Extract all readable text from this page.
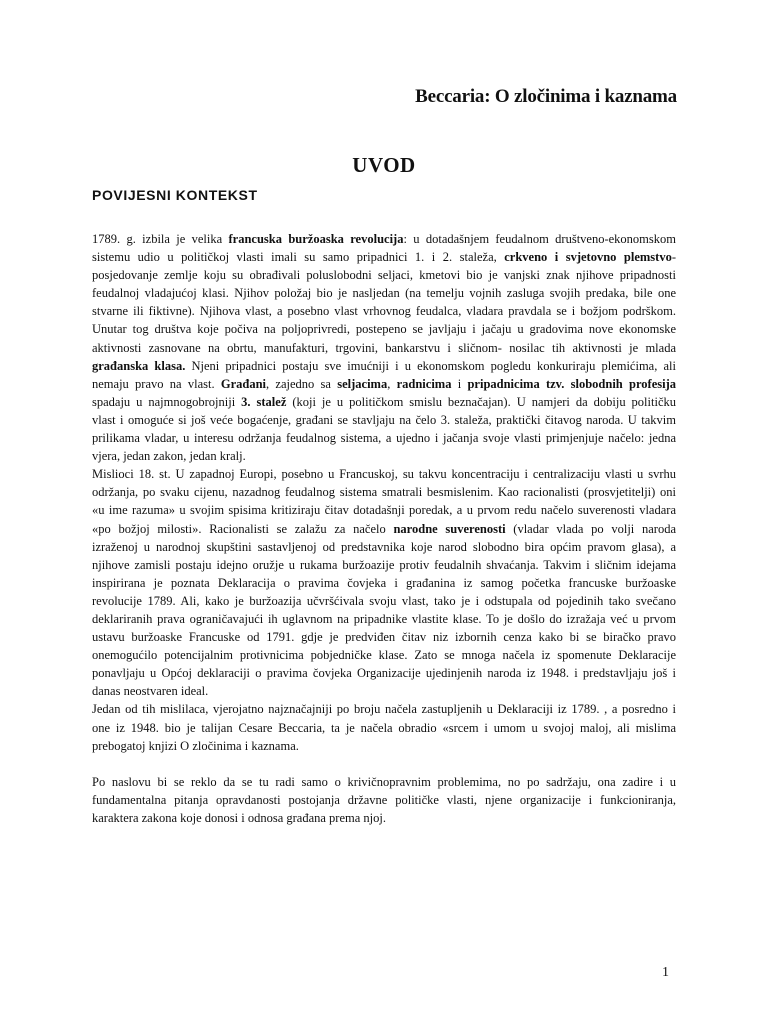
Beccaria: O zločinima i kaznama
UVOD
POVIJESNI KONTEKST
1789. g. izbila je velika francuska buržoaska revolucija: u dotadašnjem feudalnom društveno-ekonomskom
sistemu udio u političkoj vlasti imali su samo pripadnici 1. i 2. staleža, crkveno i svjetovno plemstvo-
posjedovanje zemlje koju su obrađivali poluslobodni seljaci, kmetovi bio je vanjski znak njihove pripadnosti
feudalnoj vladajućoj klasi. Njihov položaj bio je nasljedan (na temelju vojnih zasluga svojih predaka, bile one
stvarne ili fiktivne). Njihova vlast, a posebno vlast vrhovnog feudalca, vladara pravdala se i božjom podrškom.
Unutar tog društva koje počiva na poljoprivredi, postepeno se javljaju i jačaju u gradovima nove ekonomske
aktivnosti zasnovane na obrtu, manufakturi, trgovini, bankarstvu i sličnom- nosilac tih aktivnosti je mlada
građanska klasa. Njeni pripadnici postaju sve imućniji i u ekonomskom pogledu konkuriraju plemićima, ali
nemaju pravo na vlast. Građani, zajedno sa seljacima, radnicima i pripadnicima tzv. slobodnih profesija
spadaju u najmnogobrojniji 3. stalež (koji je u političkom smislu beznačajan). U namjeri da dobiju političku
vlast i omoguće si još veće bogaćenje, građani se stavljaju na čelo 3. staleža, praktički čitavog naroda. U takvim
prilikama vladar, u interesu održanja feudalnog sistema, a ujedno i jačanja svoje vlasti primjenjuje načelo: jedna
vjera, jedan zakon, jedan kralj.
Mislioci 18. st. U zapadnoj Europi, posebno u Francuskoj, su takvu koncentraciju i centralizaciju vlasti u svrhu
održanja, po svaku cijenu, nazadnog feudalnog sistema smatrali besmislenim. Kao racionalisti (prosvjetitelji) oni
«u ime razuma» u svojim spisima kritiziraju čitav dotadašnji poredak, a u prvom redu načelo suverenosti vladara
«po božjoj milosti». Racionalisti se zalažu za načelo narodne suverenosti (vladar vlada po volji naroda
izraženoj u narodnoj skupštini sastavljenoj od predstavnika koje narod slobodno bira općim pravom glasa), a
njihove zamisli postaju idejno oružje u rukama buržoazije protiv feudalnih shvaćanja. Takvim i sličnim idejama
inspirirana je poznata Deklaracija o pravima čovjeka i građanina iz samog početka francuske buržoaske
revolucije 1789. Ali, kako je buržoazija učvršćivala svoju vlast, tako je i odstupala od pojedinih tako svečano
deklariranih prava ograničavajući ih uglavnom na pripadnike vlastite klase. To je došlo do izražaja već u prvom
ustavu buržoaske Francuske od 1791. gdje je predviđen čitav niz izbornih cenza kako bi se biračko pravo
onemogućilo potencijalnim protivnicima pobjedničke klase. Zato se mnoga načela iz spomenute Deklaracije
ponavljaju u Općoj deklaraciji o pravima čovjeka Organizacije ujedinjenih naroda iz 1948. i predstavljaju još i
danas neostvaren ideal.
Jedan od tih mislilaca, vjerojatno najznačajniji po broju načela zastupljenih u Deklaraciji iz 1789. , a posredno i
one iz 1948. bio je talijan Cesare Beccaria, ta je načela obradio «srcem i umom u svojoj maloj, ali mislima
prebogatoj knjizi O zločinima i kaznama.
Po naslovu bi se reklo da se tu radi samo o krivičnopravnim problemima, no po sadržaju, ona zadire i u
fundamentalna pitanja opravdanosti postojanja državne političke vlasti, njene organizacije i funkcioniranja,
karaktera zakona koje donosi i odnosa građana prema njoj.
1
